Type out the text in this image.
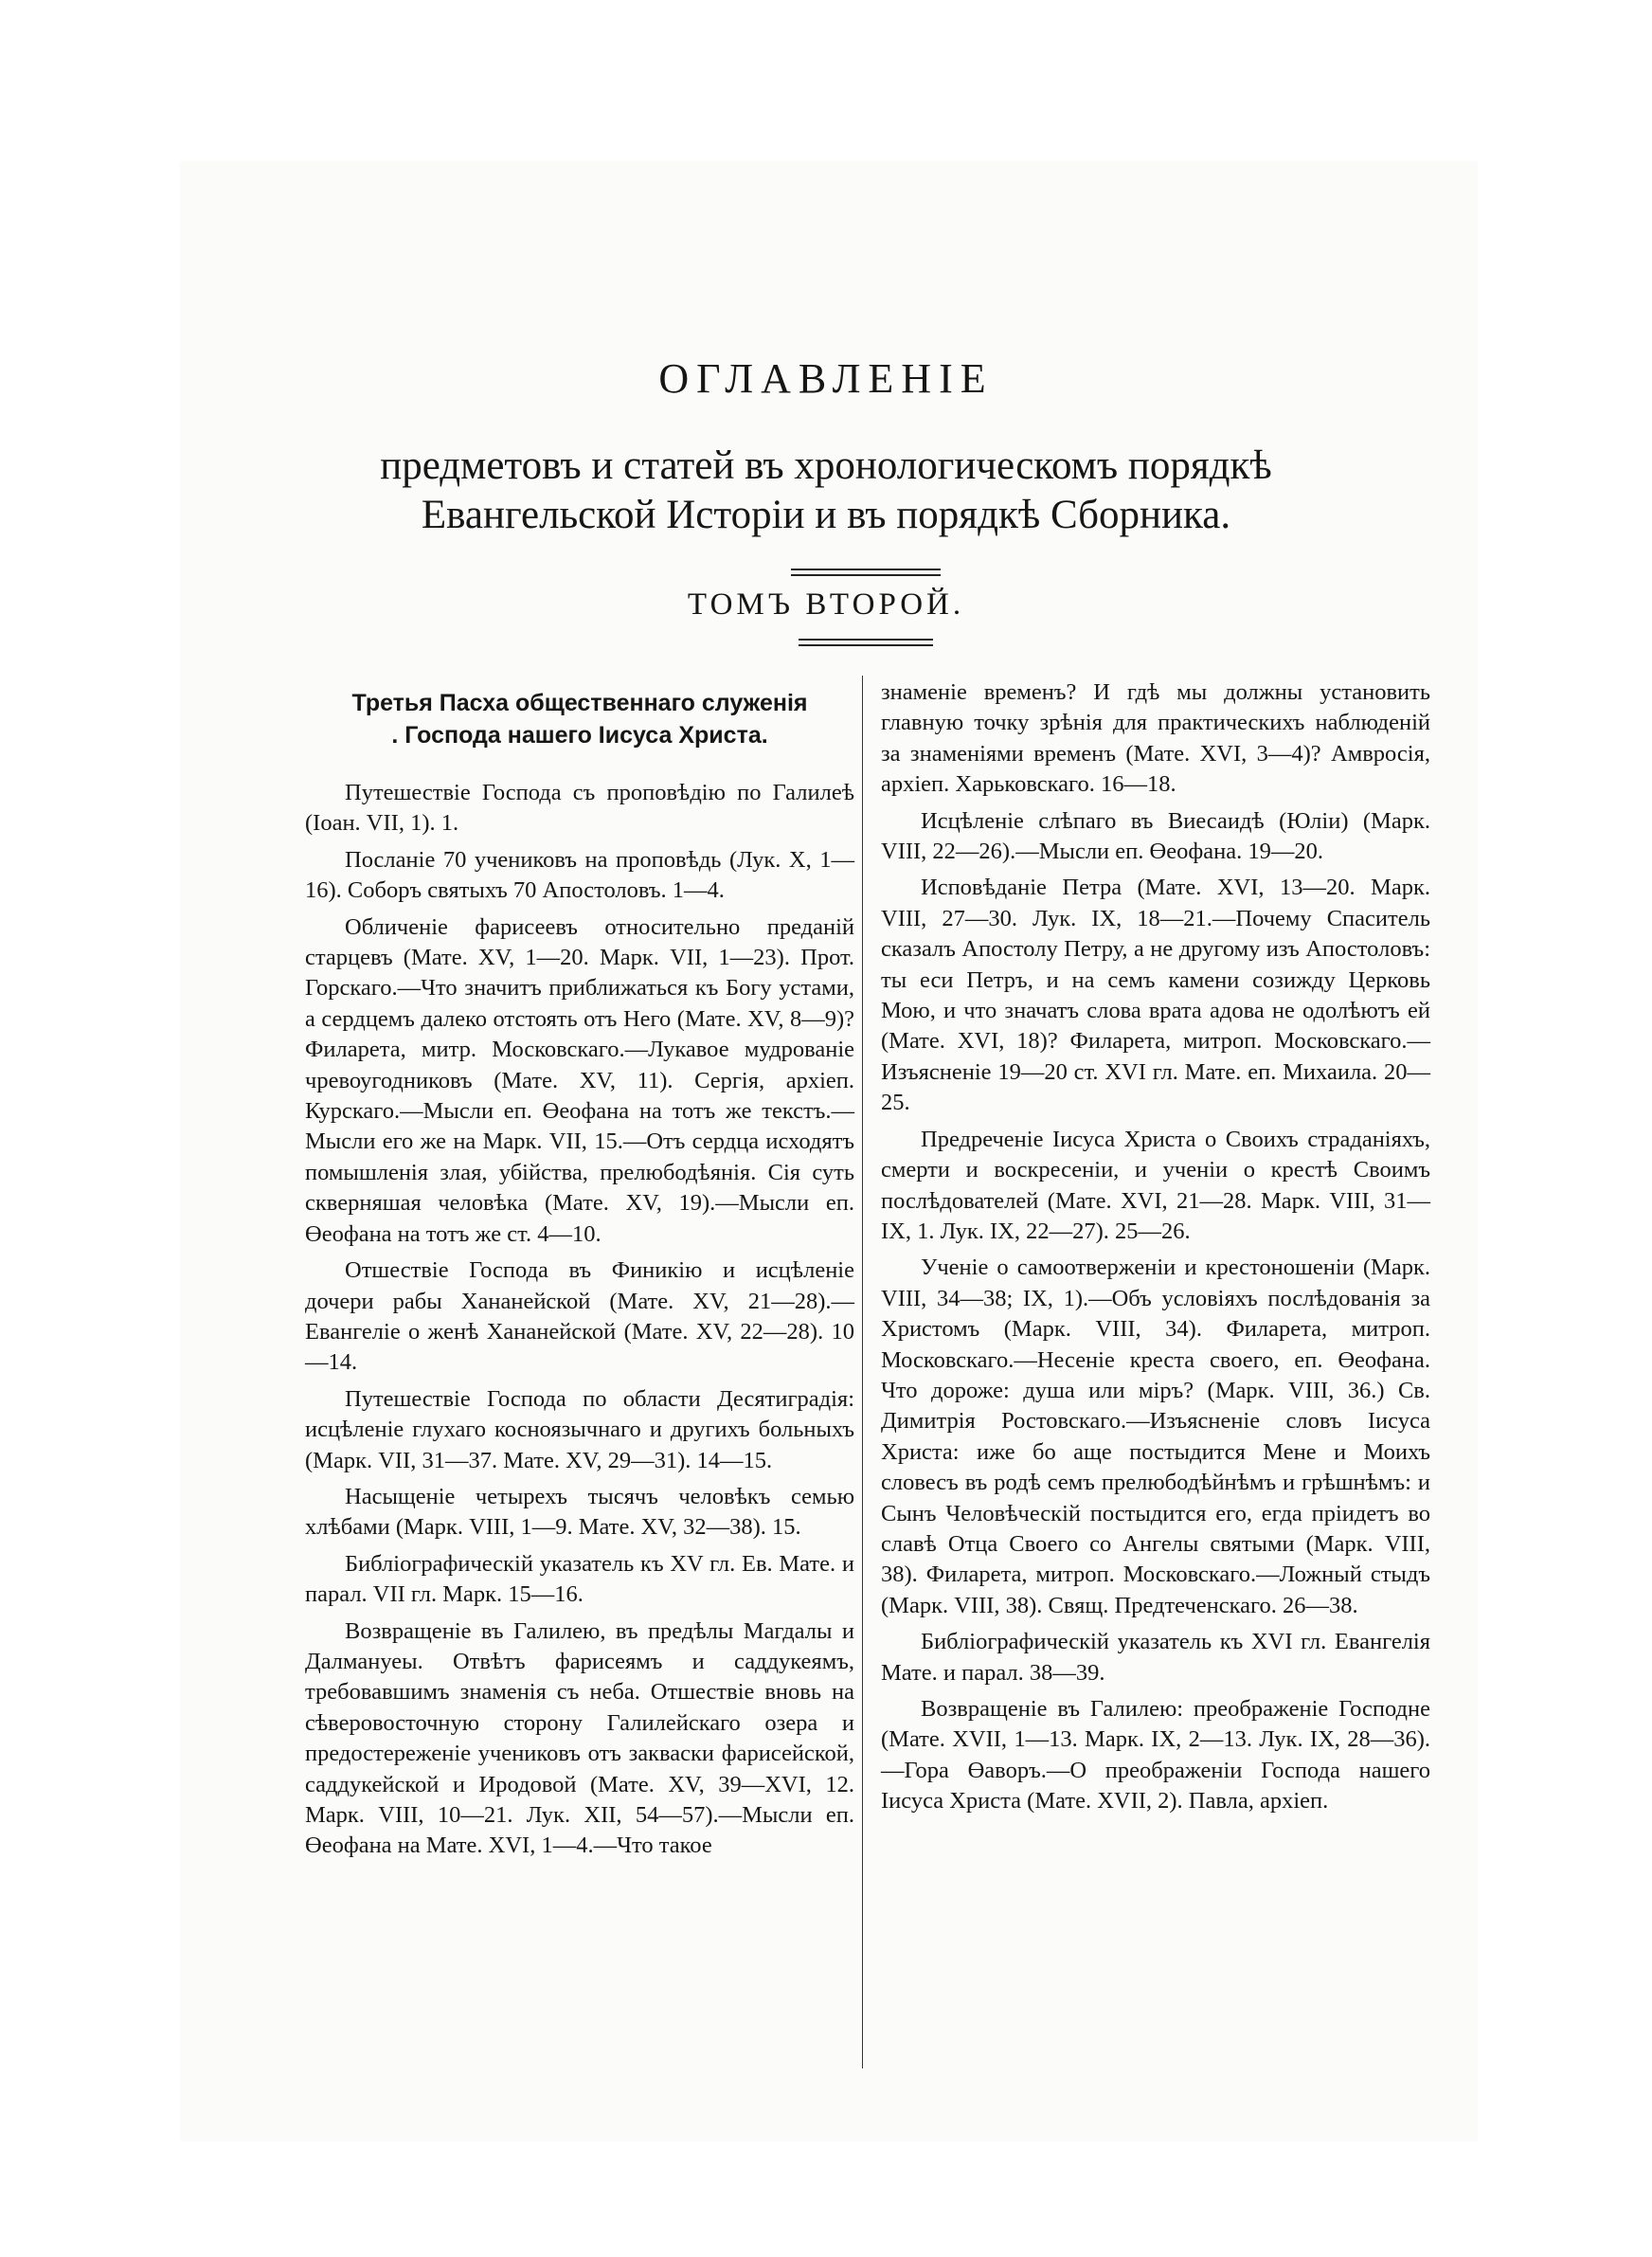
ОГЛАВЛЕНІЕ
предметовъ и статей въ хронологическомъ порядкѣ
Евангельской Исторіи и въ порядкѣ Сборника.
ТОМЪ ВТОРОЙ.
Третья Пасха общественнаго служенія
. Господа нашего Іисуса Христа.

Путешествіе Господа съ проповѣдію по Галилеѣ (Іоан. VII, 1). 1.

Посланіе 70 учениковъ на проповѣдь (Лук. X, 1—16). Соборъ святыхъ 70 Апостоловъ. 1—4.

Обличеніе фарисеевъ относительно преданій старцевъ (Мате. XV, 1—20. Марк. VII, 1—23). Прот. Горскаго.—Что значитъ приближаться къ Богу устами, а сердцемъ далеко отстоять отъ Него (Мате. XV, 8—9)? Филарета, митр. Московскаго.—Лукавое мудрованіе чревоугодниковъ (Мате. XV, 11). Сергія, архіеп. Курскаго.—Мысли еп. Өеофана на тотъ же текстъ.—Мысли его же на Марк. VII, 15.—Отъ сердца исходятъ помышленія злая, убійства, прелюбодѣянія. Сія суть скверняшая человѣка (Мате. XV, 19).—Мысли еп. Өеофана на тотъ же ст. 4—10.

Отшествіе Господа въ Финикію и исцѣленіе дочери рабы Хананейской (Мате. XV, 21—28).—Евангеліе о женѣ Хананейской (Мате. XV, 22—28). 10—14.

Путешествіе Господа по области Десятиградія: исцѣленіе глухаго косноязычнаго и другихъ больныхъ (Марк. VII, 31—37. Мате. XV, 29—31). 14—15.

Насыщеніе четырехъ тысячъ человѣкъ семью хлѣбами (Марк. VIII, 1—9. Мате. XV, 32—38). 15.

Библіографическій указатель къ XV гл. Ев. Мате. и парал. VII гл. Марк. 15—16.

Возвращеніе въ Галилею, въ предѣлы Магдалы и Далмануеы. Отвѣтъ фарисеямъ и саддукеямъ, требовавшимъ знаменія съ неба. Отшествіе вновь на сѣверовосточную сторону Галилейскаго озера и предостереженіе учениковъ отъ закваски фарисейской, саддукейской и Иродовой (Мате. XV, 39—XVI, 12. Марк. VIII, 10—21. Лук. XII, 54—57).—Мысли еп. Өеофана на Мате. XVI, 1—4.—Что такое

знаменіе временъ? И гдѣ мы должны установить главную точку зрѣнія для практическихъ наблюденій за знаменіями временъ (Мате. XVI, 3—4)? Амвросія, архіеп. Харьковскаго. 16—18.

Исцѣленіе слѣпаго въ Виесаидѣ (Юліи) (Марк. VIII, 22—26).—Мысли еп. Өеофана. 19—20.

Исповѣданіе Петра (Мате. XVI, 13—20. Марк. VIII, 27—30. Лук. IX, 18—21.—Почему Спаситель сказалъ Апостолу Петру, а не другому изъ Апостоловъ: ты еси Петръ, и на семъ камени созижду Церковь Мою, и что значатъ слова врата адова не одолѣютъ ей (Мате. XVI, 18)? Филарета, митроп. Московскаго.—Изъясненіе 19—20 ст. XVI гл. Мате. еп. Михаила. 20—25.

Предреченіе Іисуса Христа о Своихъ страданіяхъ, смерти и воскресеніи, и ученіи о крестѣ Своимъ послѣдователей (Мате. XVI, 21—28. Марк. VIII, 31—IX, 1. Лук. IX, 22—27). 25—26.

Ученіе о самоотверженіи и крестоношеніи (Марк. VIII, 34—38; IX, 1).—Объ условіяхъ послѣдованія за Христомъ (Марк. VIII, 34). Филарета, митроп. Московскаго.—Несеніе креста своего, еп. Өеофана. Что дороже: душа или міръ? (Марк. VIII, 36.) Св. Димитрія Ростовскаго.—Изъясненіе словъ Іисуса Христа: иже бо аще постыдится Мене и Моихъ словесъ въ родѣ семъ прелюбодѣйнѣмъ и грѣшнѣмъ: и Сынъ Человѣческій постыдится его, егда пріидетъ во славѣ Отца Своего со Ангелы святыми (Марк. VIII, 38). Филарета, митроп. Московскаго.—Ложный стыдъ (Марк. VIII, 38). Свящ. Предтеченскаго. 26—38.

Библіографическій указатель къ XVI гл. Евангелія Мате. и парал. 38—39.

Возвращеніе въ Галилею: преображеніе Господне (Мате. XVII, 1—13. Марк. IX, 2—13. Лук. IX, 28—36).—Гора Өаворъ.—О преображеніи Господа нашего Іисуса Христа (Мате. XVII, 2). Павла, архіеп.
